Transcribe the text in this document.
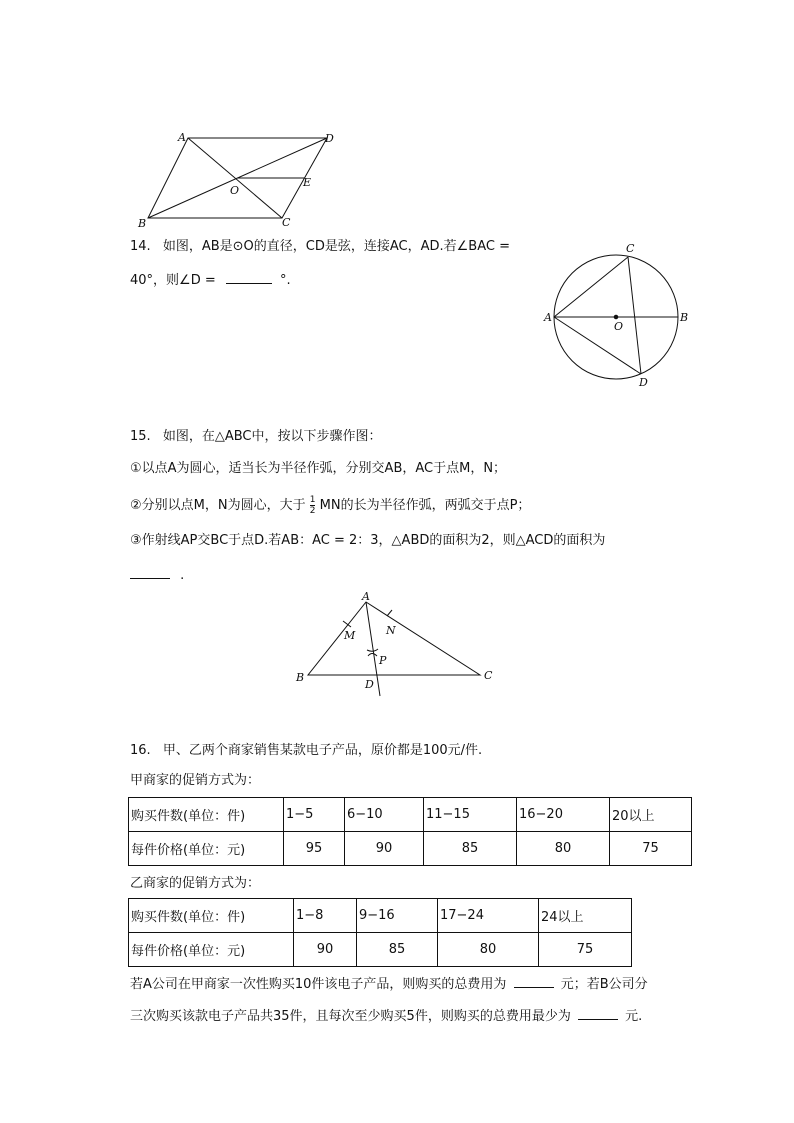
A	D
O
E
B	C
14. 如图，AB是⊙O的直径，CD是弦，连接AC，AD.若∠BAC =
40°，则∠D =	°.
C
A
O
B
D
15. 如图，在△ABC中，按以下步骤作图：
①以点A为圆心，适当长为半径作弧，分别交AB，AC于点M，N；
②分别以点M，N为圆心，大于 $\frac{1}{2}$ MN的长为半径作弧，两弧交于点P；
③作射线AP交BC于点D.若AB：AC = 2：3，△ABD的面积为2，则△ACD的面积为
.
A
M	N
P
B
D
C
16. 甲、乙两个商家销售某款电子产品，原价都是100元/件.
甲商家的促销方式为：
购买件数(单位：件)	1−5	6−10	11−15	16−20	20以上
每件价格(单位：元)	95	90	85	80	75
乙商家的促销方式为：
购买件数(单位：件)	1−8	9−16	17−24	24以上
每件价格(单位：元)	90	85	80	75
若A公司在甲商家一次性购买10件该电子产品，则购买的总费用为	元；若B公司分
三次购买该款电子产品共35件，且每次至少购买5件，则购买的总费用最少为	元.
